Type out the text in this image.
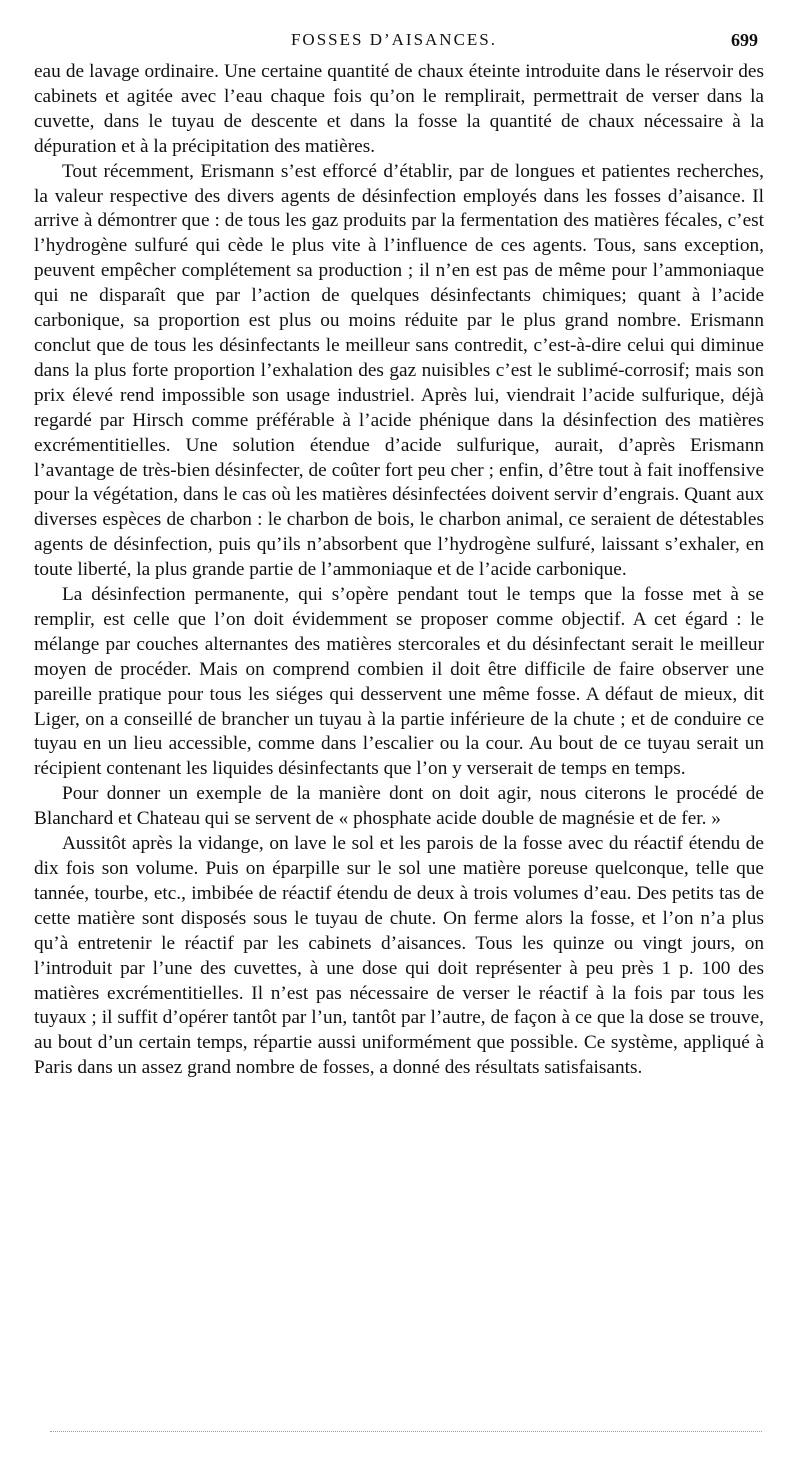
FOSSES D’AISANCES.	699

eau de lavage ordinaire. Une certaine quantité de chaux éteinte introduite dans le réservoir des cabinets et agitée avec l’eau chaque fois qu’on le remplirait, permettrait de verser dans la cuvette, dans le tuyau de descente et dans la fosse la quantité de chaux nécessaire à la dépuration et à la précipitation des matières.

Tout récemment, Erismann s’est efforcé d’établir, par de longues et patientes recherches, la valeur respective des divers agents de désinfection employés dans les fosses d’aisance. Il arrive à démontrer que : de tous les gaz produits par la fermentation des matières fécales, c’est l’hydrogène sulfuré qui cède le plus vite à l’influence de ces agents. Tous, sans exception, peuvent empêcher complétement sa production ; il n’en est pas de même pour l’ammoniaque qui ne disparaît que par l’action de quelques désinfectants chimiques; quant à l’acide carbonique, sa proportion est plus ou moins réduite par le plus grand nombre. Erismann conclut que de tous les désinfectants le meilleur sans contredit, c’est-à-dire celui qui diminue dans la plus forte proportion l’exhalation des gaz nuisibles c’est le sublimé-corrosif; mais son prix élevé rend impossible son usage industriel. Après lui, viendrait l’acide sulfurique, déjà regardé par Hirsch comme préférable à l’acide phénique dans la désinfection des matières excrémentitielles. Une solution étendue d’acide sulfurique, aurait, d’après Erismann l’avantage de très-bien désinfecter, de coûter fort peu cher ; enfin, d’être tout à fait inoffensive pour la végétation, dans le cas où les matières désinfectées doivent servir d’engrais. Quant aux diverses espèces de charbon : le charbon de bois, le charbon animal, ce seraient de détestables agents de désinfection, puis qu’ils n’absorbent que l’hydrogène sulfuré, laissant s’exhaler, en toute liberté, la plus grande partie de l’ammoniaque et de l’acide carbonique.

La désinfection permanente, qui s’opère pendant tout le temps que la fosse met à se remplir, est celle que l’on doit évidemment se proposer comme objectif. A cet égard : le mélange par couches alternantes des matières stercorales et du désinfectant serait le meilleur moyen de procéder. Mais on comprend combien il doit être difficile de faire observer une pareille pratique pour tous les siéges qui desservent une même fosse. A défaut de mieux, dit Liger, on a conseillé de brancher un tuyau à la partie inférieure de la chute ; et de conduire ce tuyau en un lieu accessible, comme dans l’escalier ou la cour. Au bout de ce tuyau serait un récipient contenant les liquides désinfectants que l’on y verserait de temps en temps.

Pour donner un exemple de la manière dont on doit agir, nous citerons le procédé de Blanchard et Chateau qui se servent de « phosphate acide double de magnésie et de fer. »

Aussitôt après la vidange, on lave le sol et les parois de la fosse avec du réactif étendu de dix fois son volume. Puis on éparpille sur le sol une matière poreuse quelconque, telle que tannée, tourbe, etc., imbibée de réactif étendu de deux à trois volumes d’eau. Des petits tas de cette matière sont disposés sous le tuyau de chute. On ferme alors la fosse, et l’on n’a plus qu’à entretenir le réactif par les cabinets d’aisances. Tous les quinze ou vingt jours, on l’introduit par l’une des cuvettes, à une dose qui doit représenter à peu près 1 p. 100 des matières excrémentitielles. Il n’est pas nécessaire de verser le réactif à la fois par tous les tuyaux ; il suffit d’opérer tantôt par l’un, tantôt par l’autre, de façon à ce que la dose se trouve, au bout d’un certain temps, répartie aussi uniformément que possible. Ce système, appliqué à Paris dans un assez grand nombre de fosses, a donné des résultats satisfaisants.
